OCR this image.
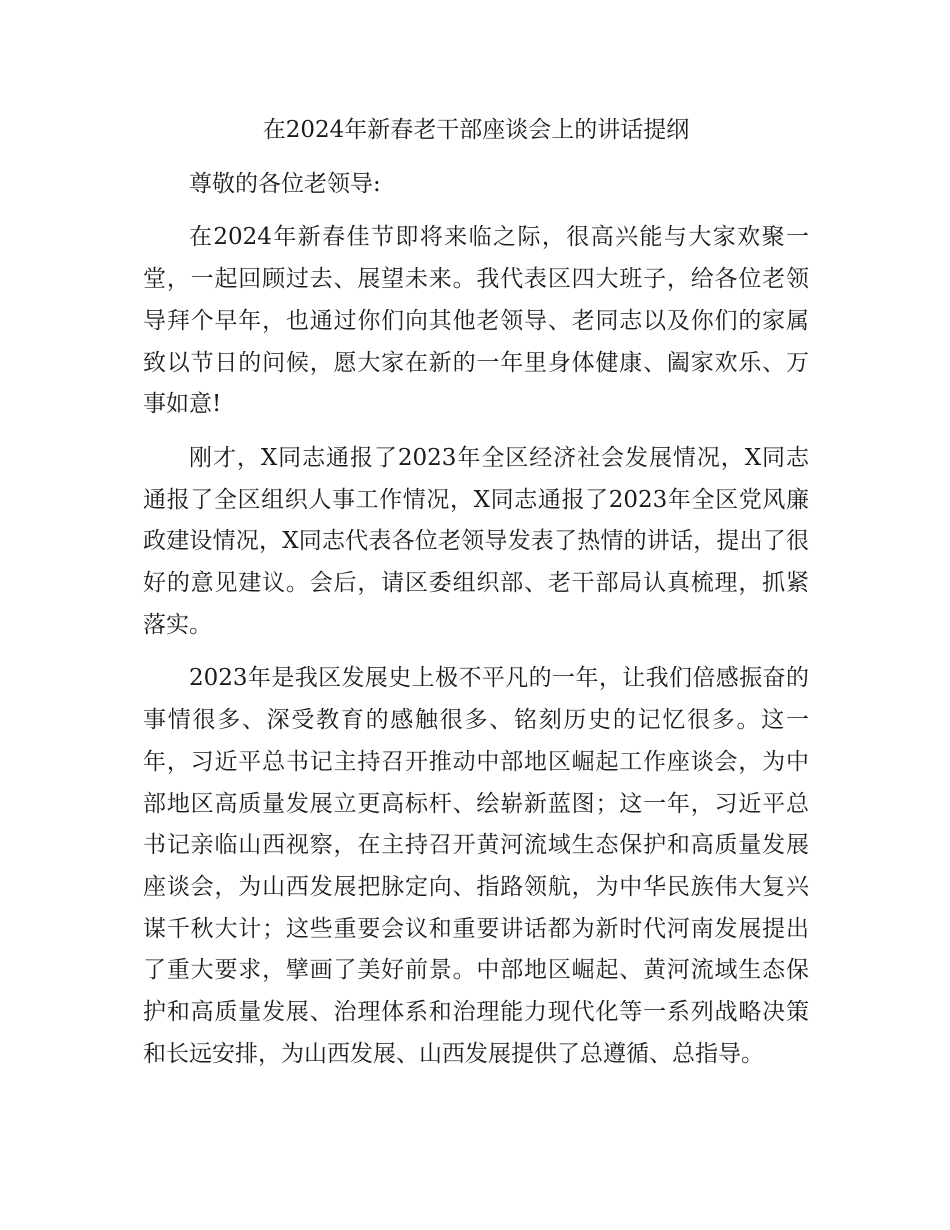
在2024年新春老干部座谈会上的讲话提纲

尊敬的各位老领导:

在2024年新春佳节即将来临之际，很高兴能与大家欢聚一堂，一起回顾过去、展望未来。我代表区四大班子，给各位老领导拜个早年，也通过你们向其他老领导、老同志以及你们的家属致以节日的问候，愿大家在新的一年里身体健康、阖家欢乐、万事如意!

刚才，X同志通报了2023年全区经济社会发展情况，X同志通报了全区组织人事工作情况，X同志通报了2023年全区党风廉政建设情况，X同志代表各位老领导发表了热情的讲话，提出了很好的意见建议。会后，请区委组织部、老干部局认真梳理，抓紧落实。

2023年是我区发展史上极不平凡的一年，让我们倍感振奋的事情很多、深受教育的感触很多、铭刻历史的记忆很多。这一年，习近平总书记主持召开推动中部地区崛起工作座谈会，为中部地区高质量发展立更高标杆、绘崭新蓝图；这一年，习近平总书记亲临山西视察，在主持召开黄河流域生态保护和高质量发展座谈会，为山西发展把脉定向、指路领航，为中华民族伟大复兴谋千秋大计；这些重要会议和重要讲话都为新时代河南发展提出了重大要求，擘画了美好前景。中部地区崛起、黄河流域生态保护和高质量发展、治理体系和治理能力现代化等一系列战略决策和长远安排，为山西发展、山西发展提供了总遵循、总指导。
